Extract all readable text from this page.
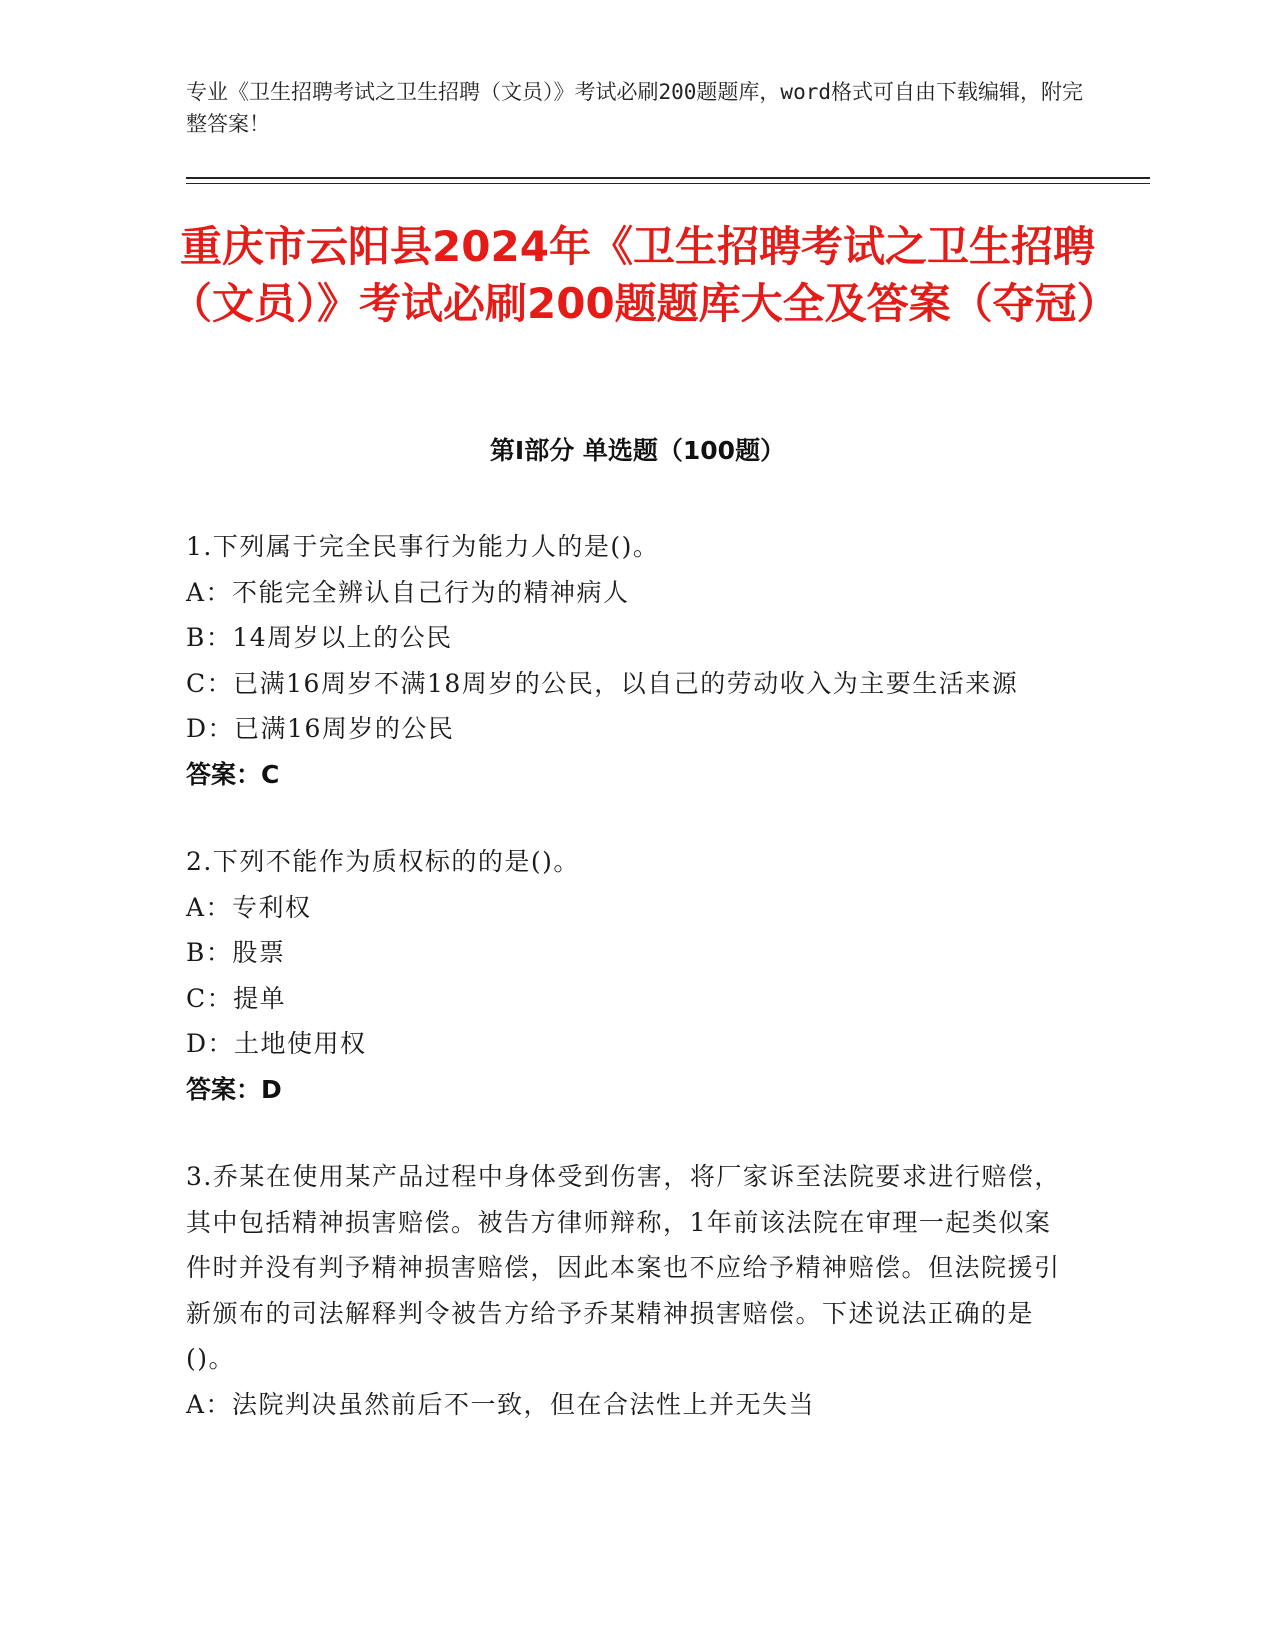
专业《卫生招聘考试之卫生招聘（文员）》考试必刷200题题库，word格式可自由下载编辑，附完整答案！
重庆市云阳县2024年《卫生招聘考试之卫生招聘（文员）》考试必刷200题题库大全及答案（夺冠）
第Ⅰ部分 单选题（100题）
1.下列属于完全民事行为能力人的是()。
A：不能完全辨认自己行为的精神病人
B：14周岁以上的公民
C：已满16周岁不满18周岁的公民，以自己的劳动收入为主要生活来源
D：已满16周岁的公民
答案：C
2.下列不能作为质权标的的是()。
A：专利权
B：股票
C：提单
D：土地使用权
答案：D
3.乔某在使用某产品过程中身体受到伤害，将厂家诉至法院要求进行赔偿，其中包括精神损害赔偿。被告方律师辩称，1年前该法院在审理一起类似案件时并没有判予精神损害赔偿，因此本案也不应给予精神赔偿。但法院援引新颁布的司法解释判令被告方给予乔某精神损害赔偿。下述说法正确的是()。
A：法院判决虽然前后不一致，但在合法性上并无失当
